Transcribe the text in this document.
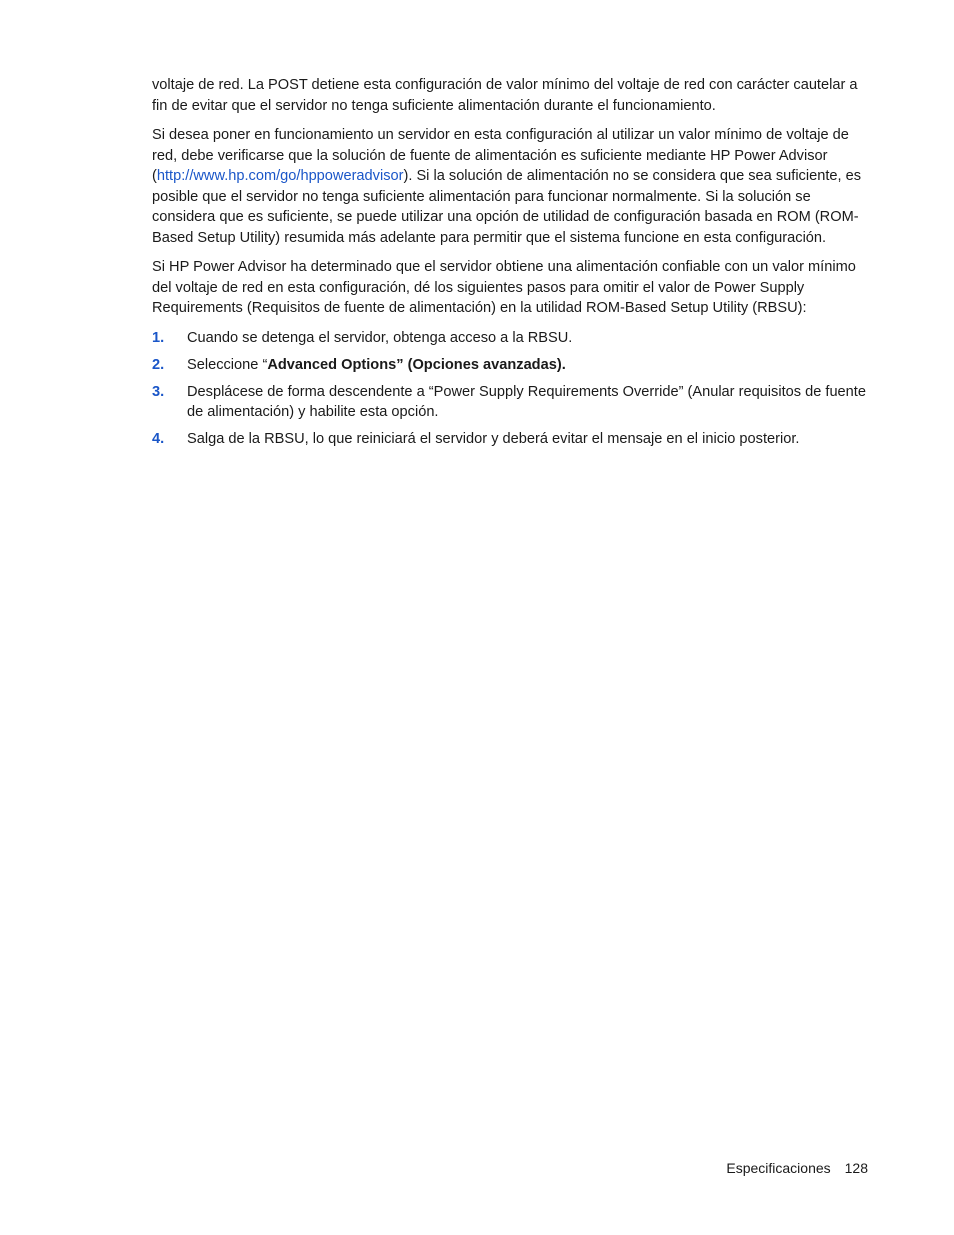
voltaje de red. La POST detiene esta configuración de valor mínimo del voltaje de red con carácter cautelar a fin de evitar que el servidor no tenga suficiente alimentación durante el funcionamiento.

Si desea poner en funcionamiento un servidor en esta configuración al utilizar un valor mínimo de voltaje de red, debe verificarse que la solución de fuente de alimentación es suficiente mediante HP Power Advisor (http://www.hp.com/go/hppoweradvisor). Si la solución de alimentación no se considera que sea suficiente, es posible que el servidor no tenga suficiente alimentación para funcionar normalmente. Si la solución se considera que es suficiente, se puede utilizar una opción de utilidad de configuración basada en ROM (ROM-Based Setup Utility) resumida más adelante para permitir que el sistema funcione en esta configuración.

Si HP Power Advisor ha determinado que el servidor obtiene una alimentación confiable con un valor mínimo del voltaje de red en esta configuración, dé los siguientes pasos para omitir el valor de Power Supply Requirements (Requisitos de fuente de alimentación) en la utilidad ROM-Based Setup Utility (RBSU):

1. Cuando se detenga el servidor, obtenga acceso a la RBSU.
2. Seleccione “Advanced Options” (Opciones avanzadas).
3. Desplácese de forma descendente a “Power Supply Requirements Override” (Anular requisitos de fuente de alimentación) y habilite esta opción.
4. Salga de la RBSU, lo que reiniciará el servidor y deberá evitar el mensaje en el inicio posterior.
Especificaciones 128
